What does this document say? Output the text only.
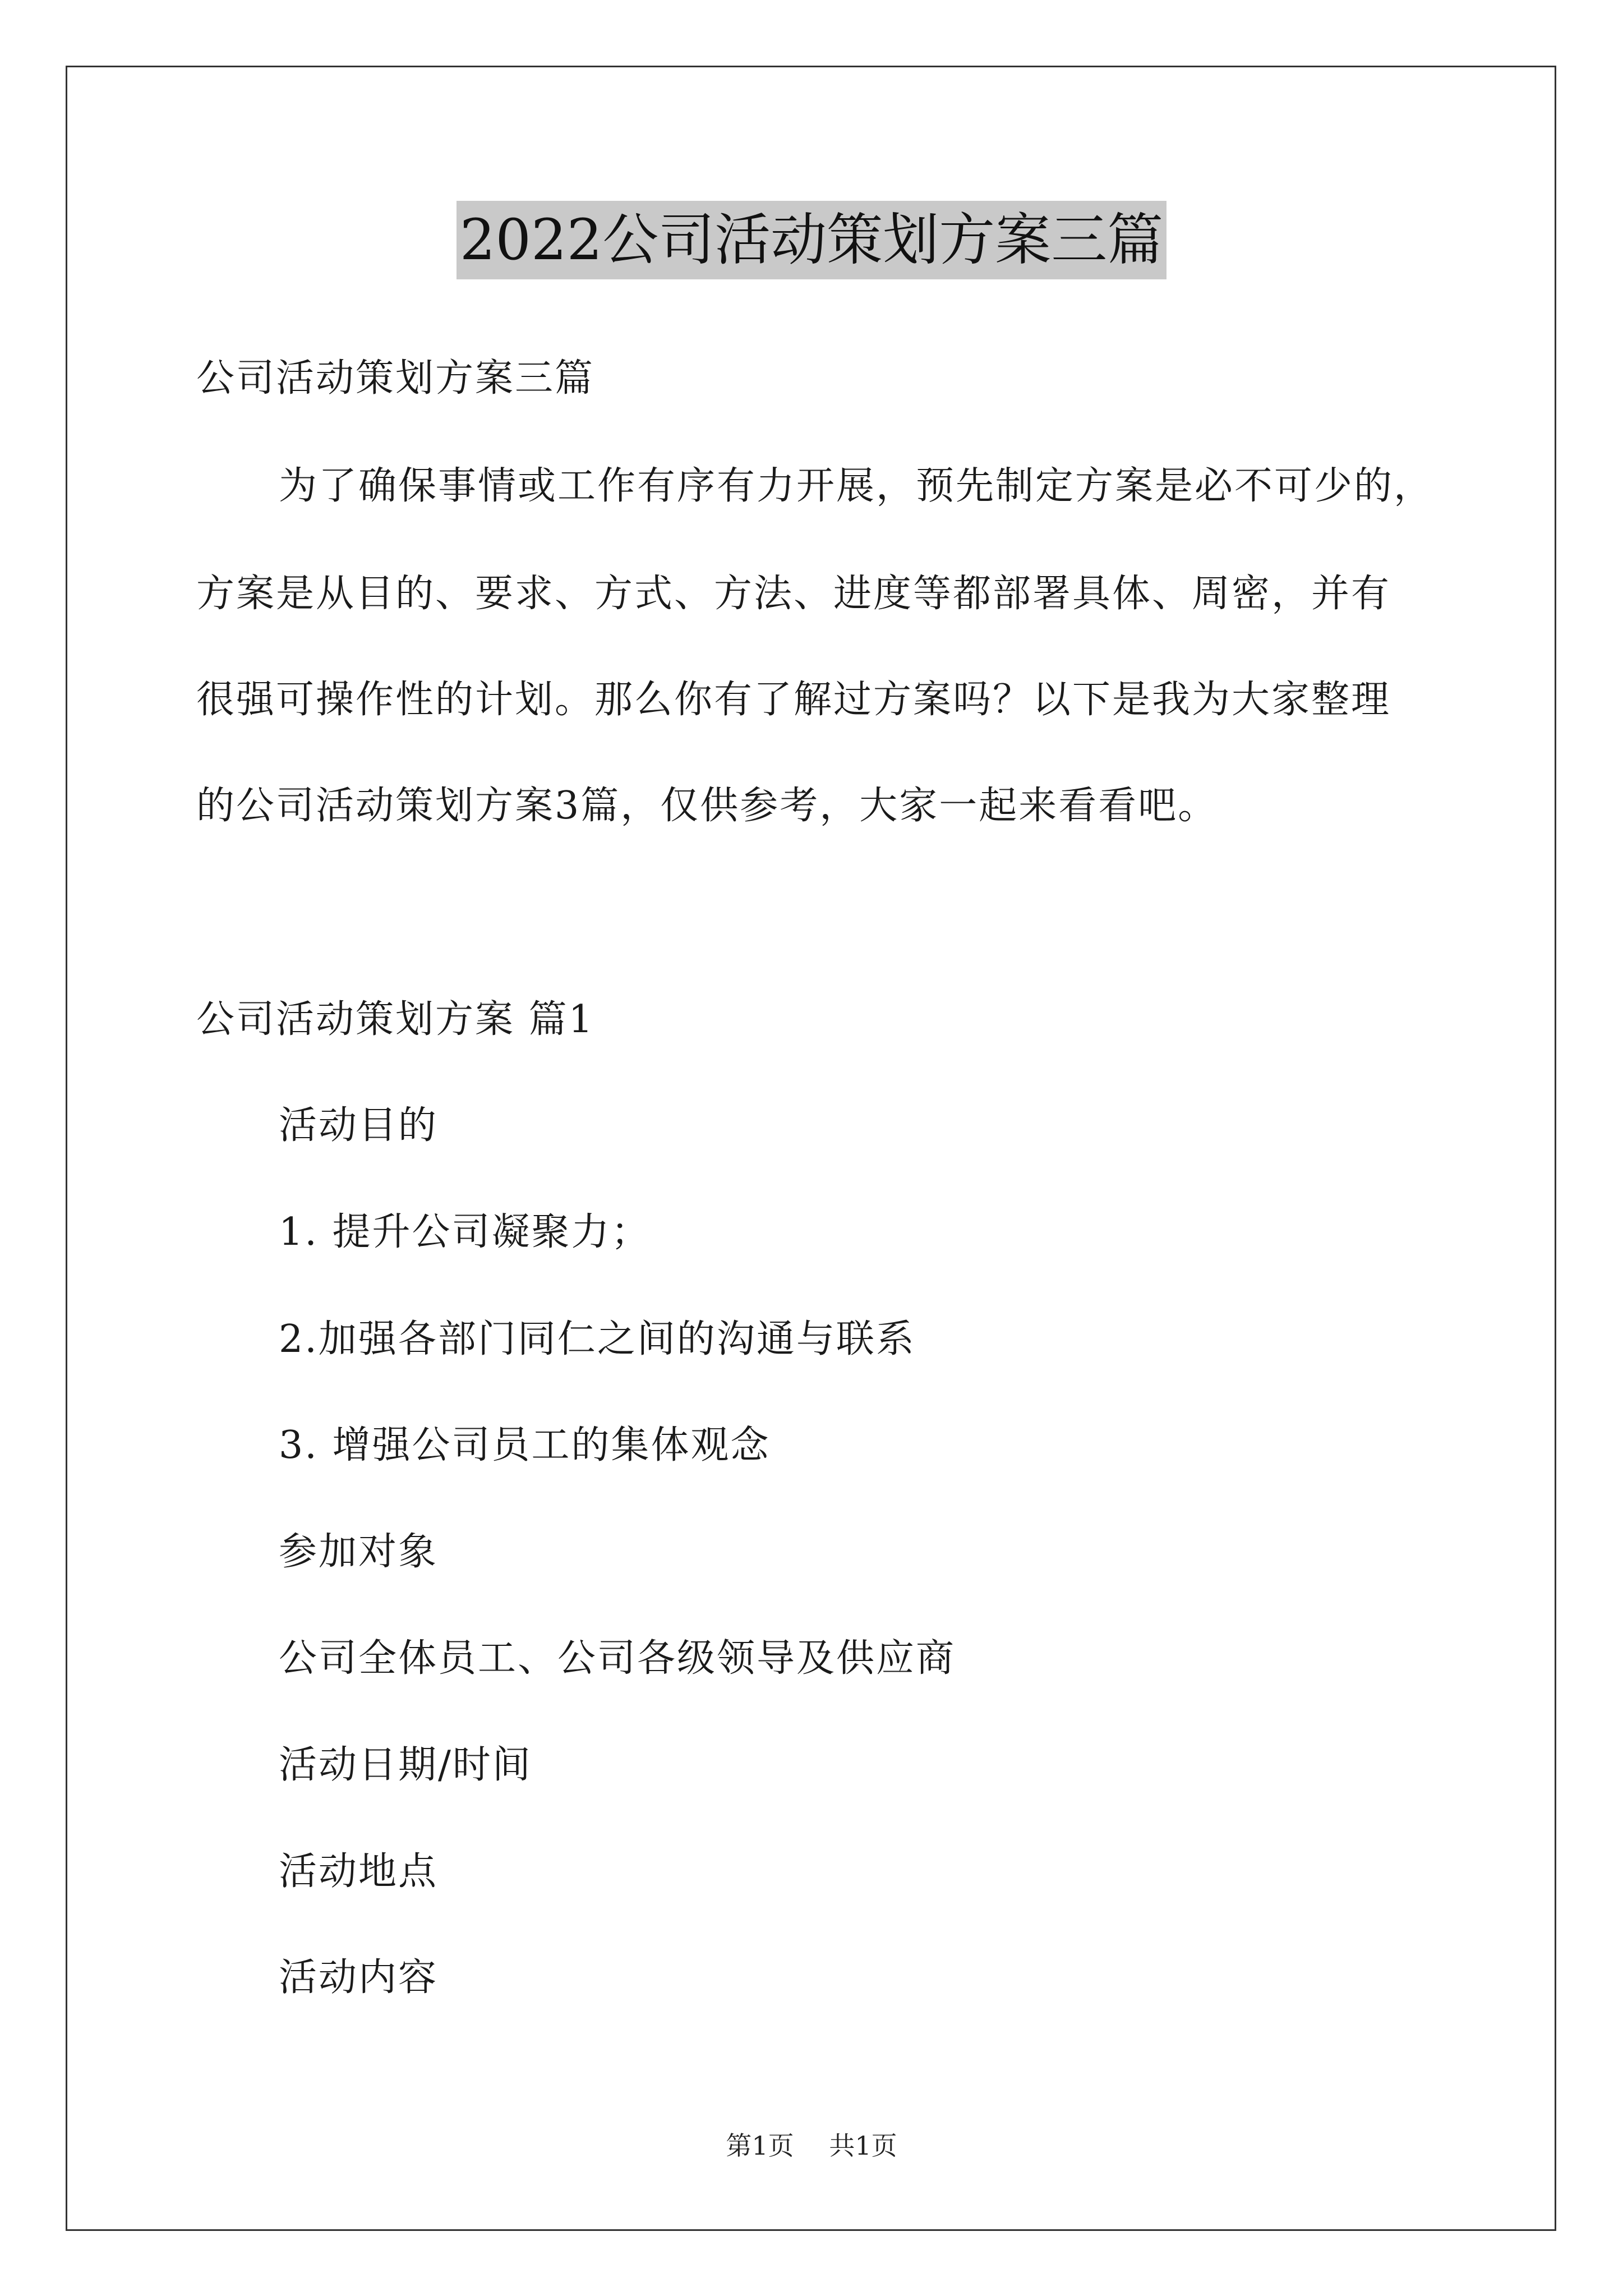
2022公司活动策划方案三篇
公司活动策划方案三篇
为了确保事情或工作有序有力开展，预先制定方案是必不可少的，
方案是从目的、要求、方式、方法、进度等都部署具体、周密，并有
很强可操作性的计划。那么你有了解过方案吗？以下是我为大家整理
的公司活动策划方案3篇，仅供参考，大家一起来看看吧。
公司活动策划方案 篇1
活动目的
1. 提升公司凝聚力；
2.加强各部门同仁之间的沟通与联系
3. 增强公司员工的集体观念
参加对象
公司全体员工、公司各级领导及供应商
活动日期/时间
活动地点
活动内容
第1页 共1页
